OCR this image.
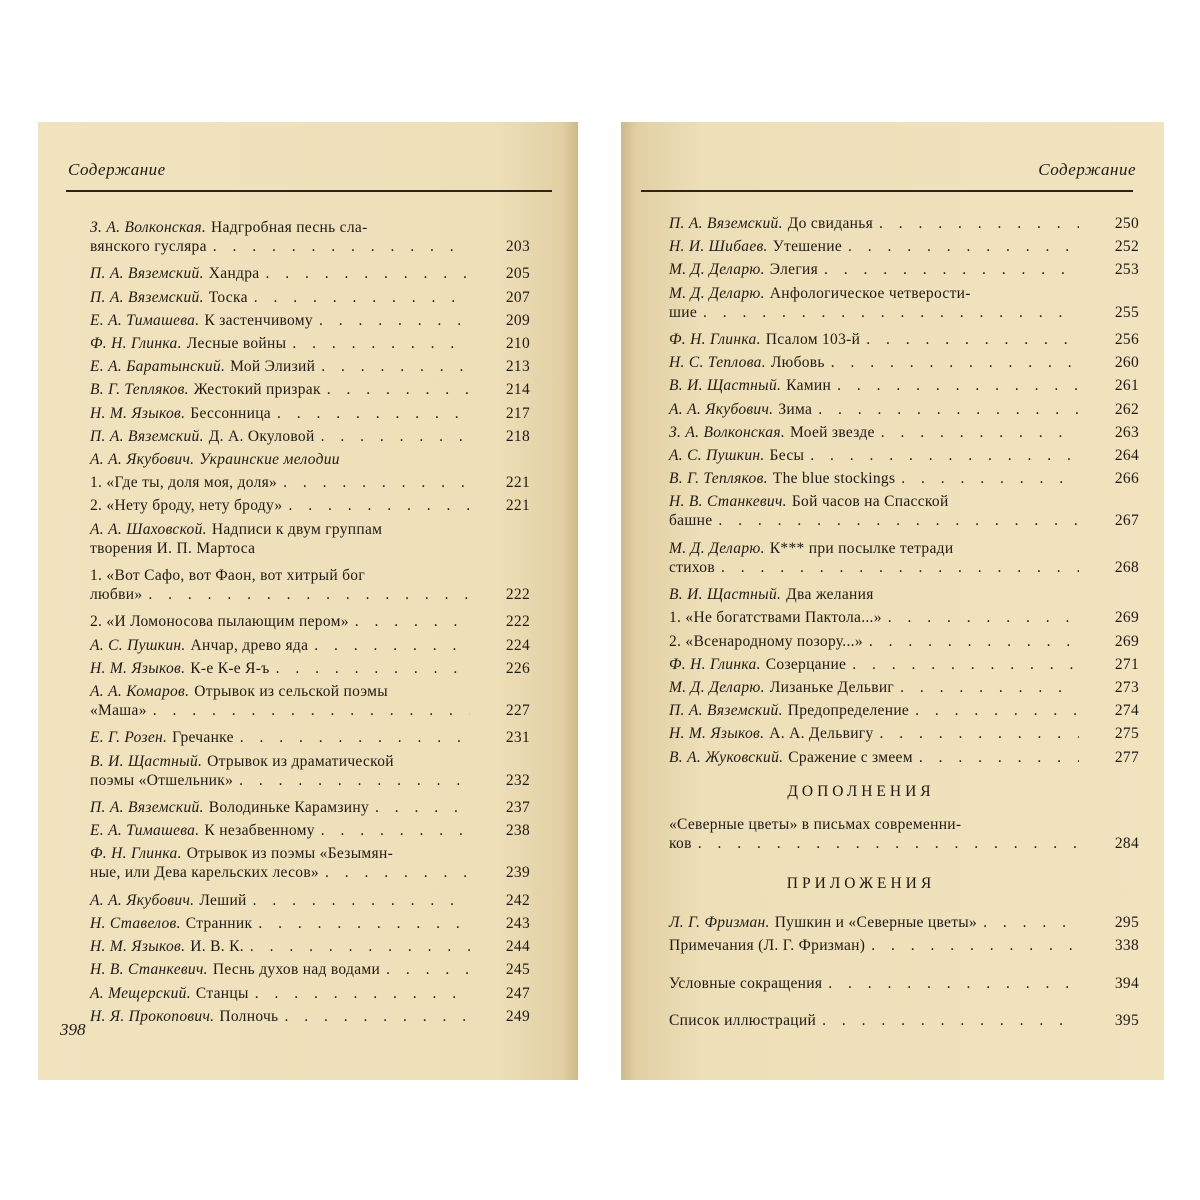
Содержание
З. А. Волконская. Надгробная песнь сла-
вянского гусляра . . .	203
П. А. Вяземский. Хандра . . .	205
П. А. Вяземский. Тоска . . .	207
Е. А. Тимашева. К застенчивому . . .	209
Ф. Н. Глинка. Лесные войны . . .	210
Е. А. Баратынский. Мой Элизий . . .	213
В. Г. Тепляков. Жестокий призрак . . .	214
Н. М. Языков. Бессонница . . .	217
П. А. Вяземский. Д. А. Окуловой . . .	218
А. А. Якубович. Украинские мелодии
1. «Где ты, доля моя, доля» . . .	221
2. «Нету броду, нету броду» . . .	221
А. А. Шаховской. Надписи к двум группам
творения И. П. Мартоса
1. «Вот Сафо, вот Фаон, вот хитрый бог
любви» . . .	222
2. «И Ломоносова пылающим пером» . . .	222
А. С. Пушкин. Анчар, древо яда . . .	224
Н. М. Языков. К-е К-е Я-ъ . . .	226
А. А. Комаров. Отрывок из сельской поэмы
«Маша» . . .	227
Е. Г. Розен. Гречанке . . .	231
В. И. Щастный. Отрывок из драматической
поэмы «Отшельник» . . .	232
П. А. Вяземский. Володиньке Карамзину . . .	237
Е. А. Тимашева. К незабвенному . . .	238
Ф. Н. Глинка. Отрывок из поэмы «Безымян-
ные, или Дева карельских лесов» . . .	239
А. А. Якубович. Леший . . .	242
Н. Ставелов. Странник . . .	243
Н. М. Языков. И. В. К. . . .	244
Н. В. Станкевич. Песнь духов над водами . . .	245
А. Мещерский. Станцы . . .	247
Н. Я. Прокопович. Полночь . . .	249
398
Содержание
П. А. Вяземский. До свиданья . . .	250
Н. И. Шибаев. Утешение . . .	252
М. Д. Деларю. Элегия . . .	253
М. Д. Деларю. Анфологическое четверости-
шие . . .	255
Ф. Н. Глинка. Псалом 103-й . . .	256
Н. С. Теплова. Любовь . . .	260
В. И. Щастный. Камин . . .	261
А. А. Якубович. Зима . . .	262
З. А. Волконская. Моей звезде . . .	263
А. С. Пушкин. Бесы . . .	264
В. Г. Тепляков. The blue stockings . . .	266
Н. В. Станкевич. Бой часов на Спасской
башне . . .	267
М. Д. Деларю. К*** при посылке тетради
стихов . . .	268
В. И. Щастный. Два желания
1. «Не богатствами Пактола...» . . .	269
2. «Всенародному позору...» . . .	269
Ф. Н. Глинка. Созерцание . . .	271
М. Д. Деларю. Лизаньке Дельвиг . . .	273
П. А. Вяземский. Предопределение . . .	274
Н. М. Языков. А. А. Дельвигу . . .	275
В. А. Жуковский. Сражение с змеем . . .	277
«Северные цветы» в письмах современни-
ков . . .	284
Л. Г. Фризман. Пушкин и «Северные цветы» . . .	295
Примечания (Л. Г. Фризман) . . .	338
Условные сокращения . . .	394
Список иллюстраций . . .	395
ДОПОЛНЕНИЯ
ПРИЛОЖЕНИЯ
